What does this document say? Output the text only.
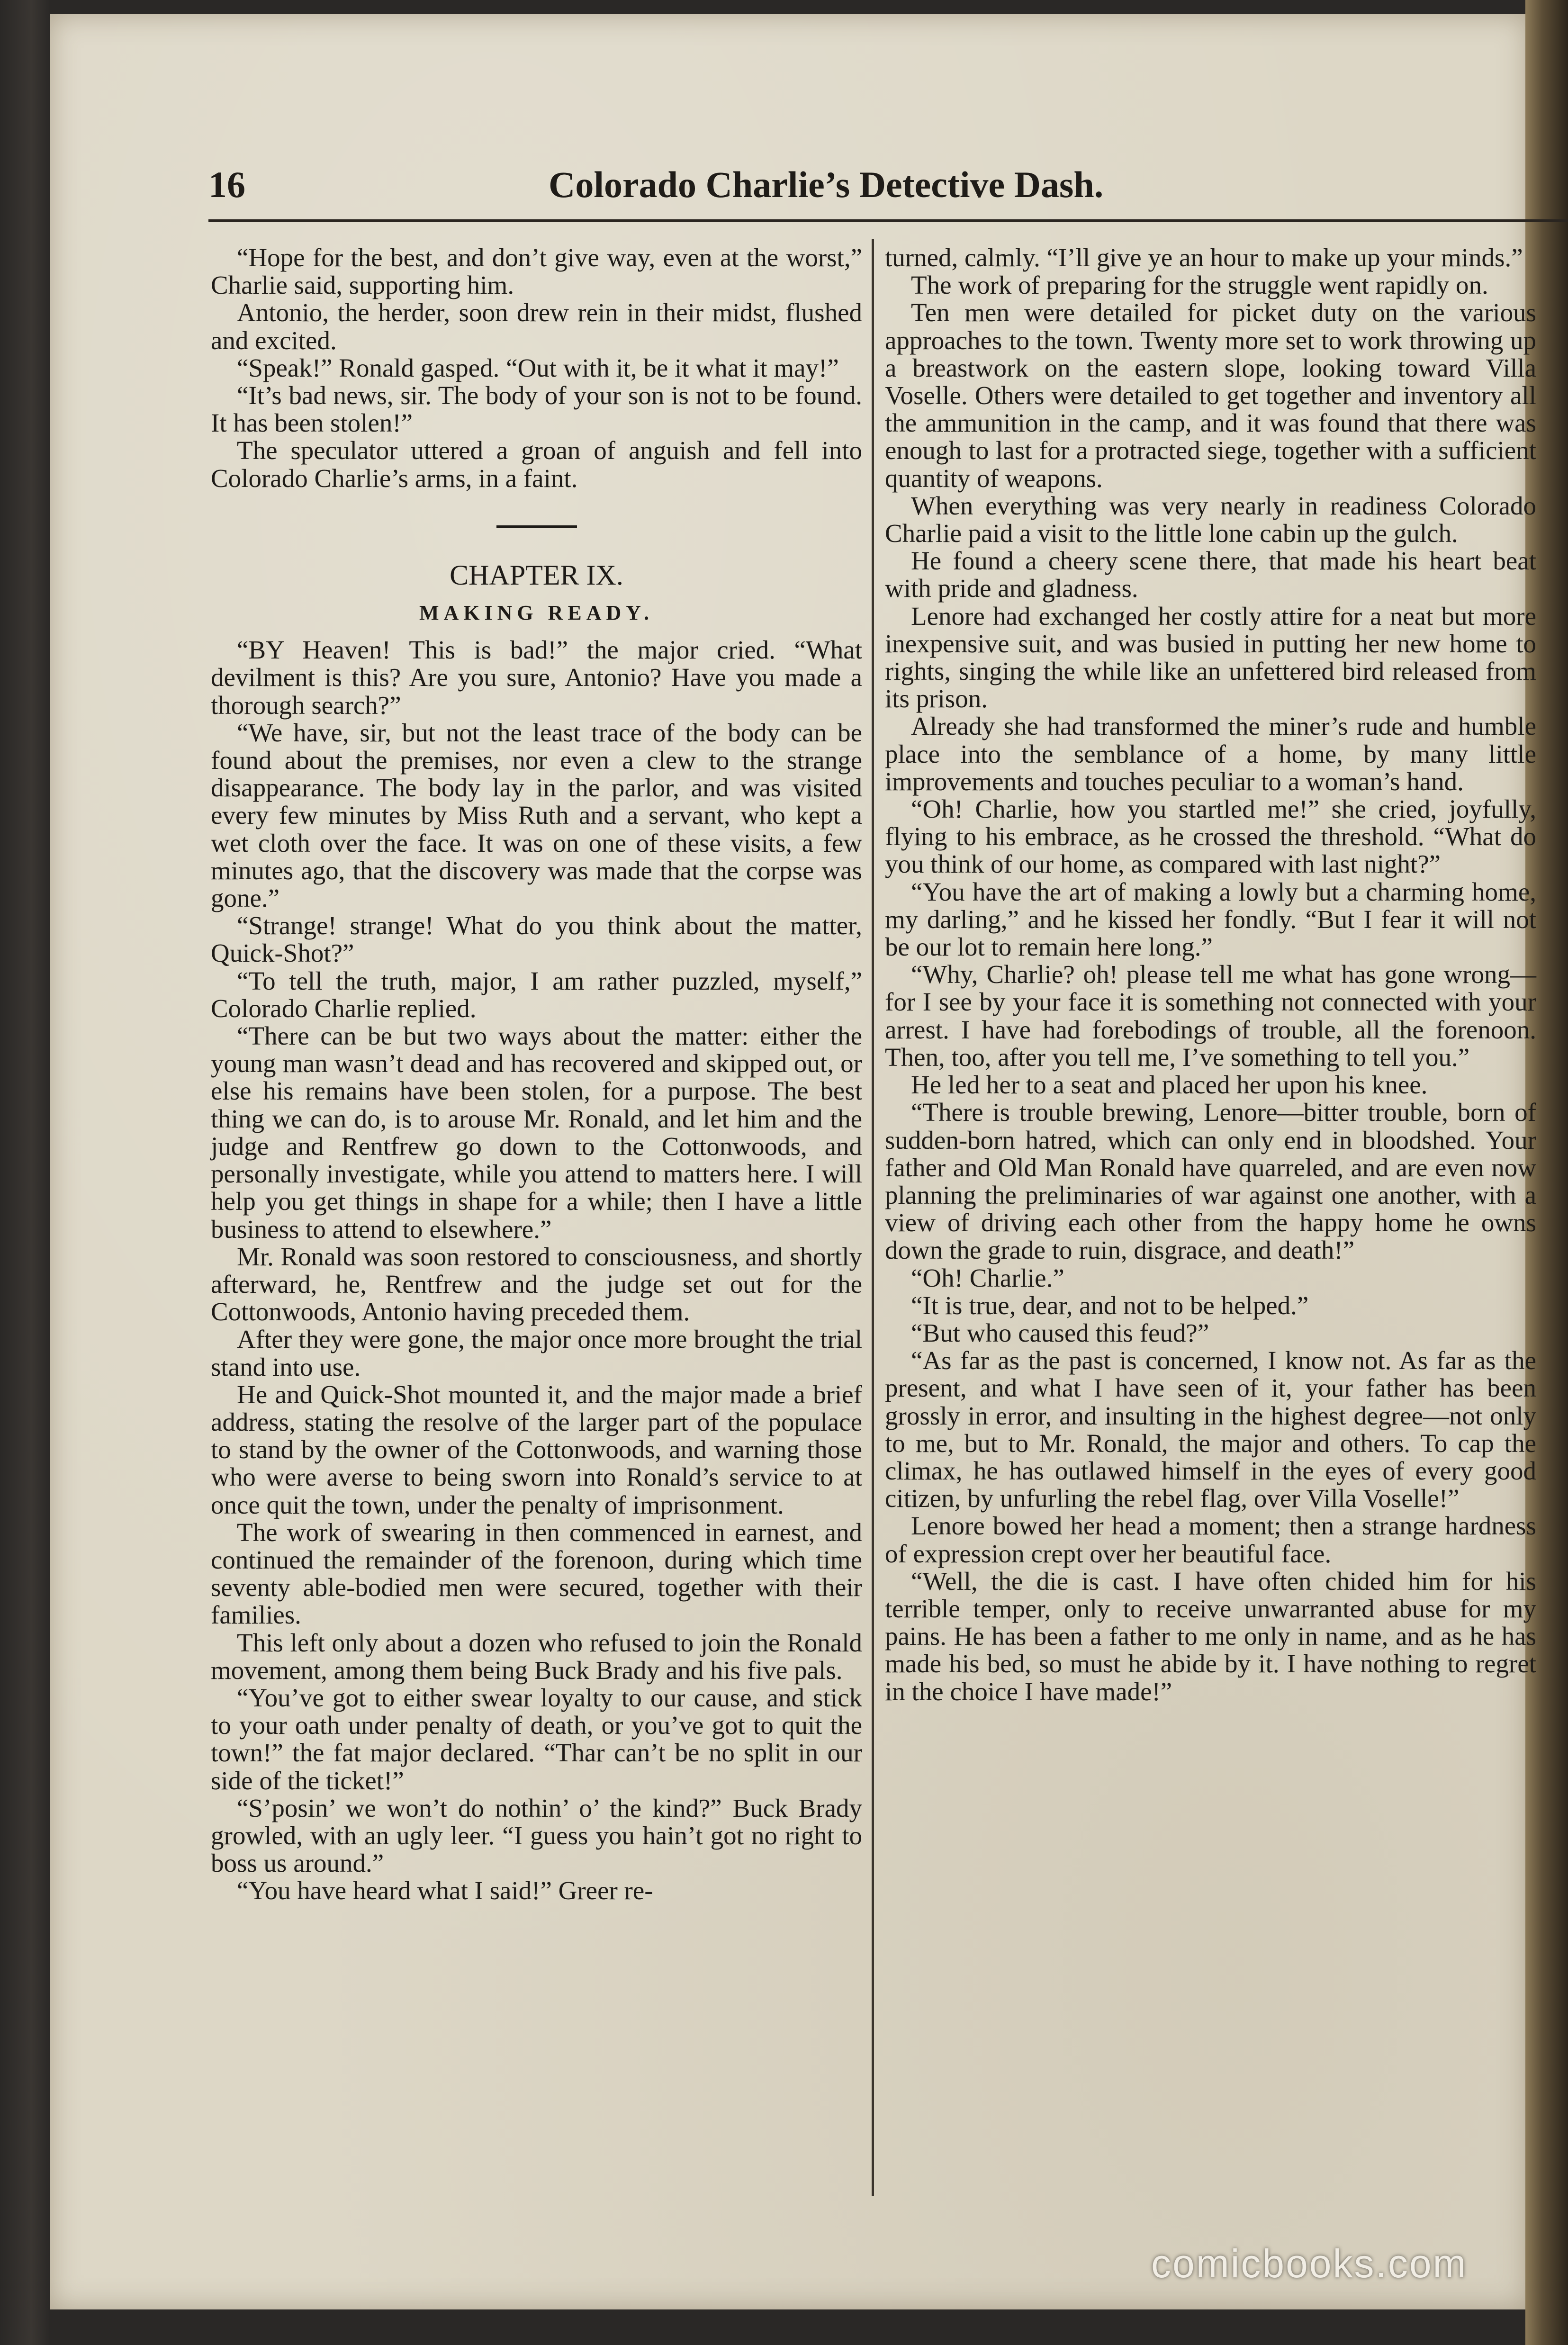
16	Colorado Charlie’s Detective Dash.

“Hope for the best, and don’t give way, even at the worst,” Charlie said, supporting him.

Antonio, the herder, soon drew rein in their midst, flushed and excited.

“Speak!” Ronald gasped. “Out with it, be it what it may!”

“It’s bad news, sir. The body of your son is not to be found. It has been stolen!”

The speculator uttered a groan of anguish and fell into Colorado Charlie’s arms, in a faint.

CHAPTER IX.
MAKING READY.

“BY Heaven! This is bad!” the major cried. “What devilment is this? Are you sure, Antonio? Have you made a thorough search?”

“We have, sir, but not the least trace of the body can be found about the premises, nor even a clew to the strange disappearance. The body lay in the parlor, and was visited every few minutes by Miss Ruth and a servant, who kept a wet cloth over the face. It was on one of these visits, a few minutes ago, that the discovery was made that the corpse was gone.”

“Strange! strange! What do you think about the matter, Quick-Shot?”

“To tell the truth, major, I am rather puzzled, myself,” Colorado Charlie replied.

“There can be but two ways about the matter: either the young man wasn’t dead and has recovered and skipped out, or else his remains have been stolen, for a purpose. The best thing we can do, is to arouse Mr. Ronald, and let him and the judge and Rentfrew go down to the Cottonwoods, and personally investigate, while you attend to matters here. I will help you get things in shape for a while; then I have a little business to attend to elsewhere.”

Mr. Ronald was soon restored to consciousness, and shortly afterward, he, Rentfrew and the judge set out for the Cottonwoods, Antonio having preceded them.

After they were gone, the major once more brought the trial stand into use.

He and Quick-Shot mounted it, and the major made a brief address, stating the resolve of the larger part of the populace to stand by the owner of the Cottonwoods, and warning those who were averse to being sworn into Ronald’s service to at once quit the town, under the penalty of imprisonment.

The work of swearing in then commenced in earnest, and continued the remainder of the forenoon, during which time seventy able-bodied men were secured, together with their families.

This left only about a dozen who refused to join the Ronald movement, among them being Buck Brady and his five pals.

“You’ve got to either swear loyalty to our cause, and stick to your oath under penalty of death, or you’ve got to quit the town!” the fat major declared. “Thar can’t be no split in our side of the ticket!”

“S’posin’ we won’t do nothin’ o’ the kind?” Buck Brady growled, with an ugly leer. “I guess you hain’t got no right to boss us around.”

“You have heard what I said!” Greer re-

turned, calmly. “I’ll give ye an hour to make up your minds.”

The work of preparing for the struggle went rapidly on.

Ten men were detailed for picket duty on the various approaches to the town. Twenty more set to work throwing up a breastwork on the eastern slope, looking toward Villa Voselle. Others were detailed to get together and inventory all the ammunition in the camp, and it was found that there was enough to last for a protracted siege, together with a sufficient quantity of weapons.

When everything was very nearly in readiness Colorado Charlie paid a visit to the little lone cabin up the gulch.

He found a cheery scene there, that made his heart beat with pride and gladness.

Lenore had exchanged her costly attire for a neat but more inexpensive suit, and was busied in putting her new home to rights, singing the while like an unfettered bird released from its prison.

Already she had transformed the miner’s rude and humble place into the semblance of a home, by many little improvements and touches peculiar to a woman’s hand.

“Oh! Charlie, how you startled me!” she cried, joyfully, flying to his embrace, as he crossed the threshold. “What do you think of our home, as compared with last night?”

“You have the art of making a lowly but a charming home, my darling,” and he kissed her fondly. “But I fear it will not be our lot to remain here long.”

“Why, Charlie? oh! please tell me what has gone wrong—for I see by your face it is something not connected with your arrest. I have had forebodings of trouble, all the forenoon. Then, too, after you tell me, I’ve something to tell you.”

He led her to a seat and placed her upon his knee.

“There is trouble brewing, Lenore—bitter trouble, born of sudden-born hatred, which can only end in bloodshed. Your father and Old Man Ronald have quarreled, and are even now planning the preliminaries of war against one another, with a view of driving each other from the happy home he owns down the grade to ruin, disgrace, and death!”

“Oh! Charlie.”

“It is true, dear, and not to be helped.”

“But who caused this feud?”

“As far as the past is concerned, I know not. As far as the present, and what I have seen of it, your father has been grossly in error, and insulting in the highest degree—not only to me, but to Mr. Ronald, the major and others. To cap the climax, he has outlawed himself in the eyes of every good citizen, by unfurling the rebel flag, over Villa Voselle!”

Lenore bowed her head a moment; then a strange hardness of expression crept over her beautiful face.

“Well, the die is cast. I have often chided him for his terrible temper, only to receive unwarranted abuse for my pains. He has been a father to me only in name, and as he has made his bed, so must he abide by it. I have nothing to regret in the choice I have made!”

comicbooks.com
